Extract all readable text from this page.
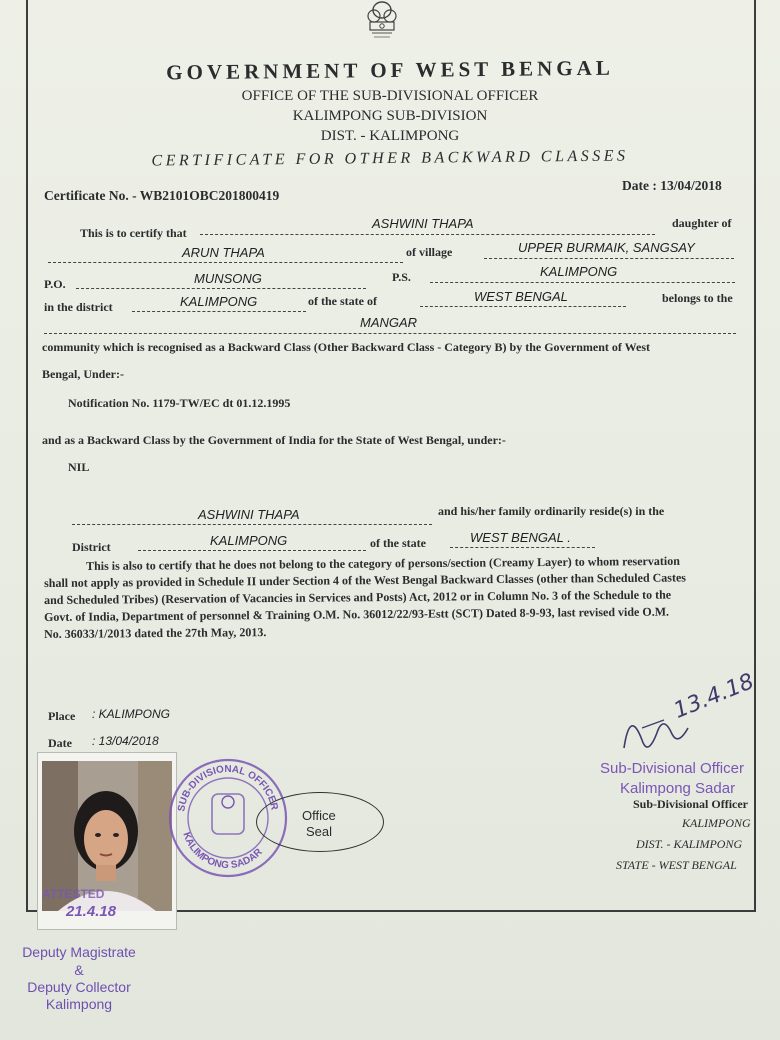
GOVERNMENT OF WEST BENGAL
OFFICE OF THE SUB-DIVISIONAL OFFICER
KALIMPONG SUB-DIVISION
DIST. - KALIMPONG
CERTIFICATE FOR OTHER BACKWARD CLASSES
Certificate No. - WB2101OBC201800419
Date : 13/04/2018
This is to certify that
ASHWINI THAPA	daughter of
ARUN THAPA	of village	UPPER BURMAIK, SANGSAY
P.O.	MUNSONG	P.S.	KALIMPONG
in the district	KALIMPONG	of the state of	WEST BENGAL	belongs to the
MANGAR
community which is recognised as a Backward Class (Other Backward Class - Category B) by the Government of West
Bengal, Under:-
Notification No. 1179-TW/EC dt 01.12.1995
and as a Backward Class by the Government of India for the State of West Bengal, under:-
NIL
ASHWINI THAPA	and his/her family ordinarily reside(s) in the
District	KALIMPONG	of the state	WEST BENGAL .
This is also to certify that he does not belong to the category of persons/section (Creamy Layer) to whom reservation
shall not apply as provided in Schedule II under Section 4 of the West Bengal Backward Classes (other than Scheduled Castes
and Scheduled Tribes) (Reservation of Vacancies in Services and Posts) Act, 2012 or in Column No. 3 of the Schedule to the
Govt. of India, Department of personnel & Training O.M. No. 36012/22/93-Estt (SCT) Dated 8-9-93, last revised vide O.M.
No. 36033/1/2013 dated the 27th May, 2013.
Place : KALIMPONG
Date : 13/04/2018
ATTESTED
21.4.18
SUB-DIVISIONAL OFFICER
KALIMPONG SADAR
Office
Seal
13.4.18
Sub-Divisional Officer
Kalimpong Sadar
Sub-Divisional Officer
KALIMPONG
DIST. - KALIMPONG
STATE - WEST BENGAL
Deputy Magistrate
&
Deputy Collector
Kalimpong
